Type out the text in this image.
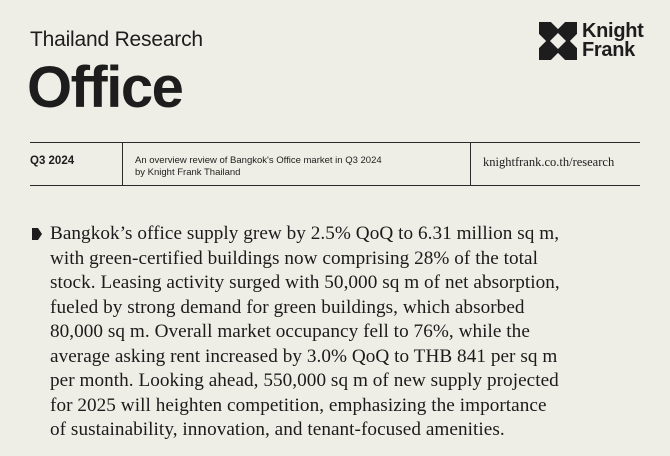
Thailand Research
Office
Knight
Frank
Q3 2024	An overview review of Bangkok's Office market in Q3 2024
by Knight Frank Thailand
knightfrank.co.th/research
Bangkok’s office supply grew by 2.5% QoQ to 6.31 million sq m,
with green-certified buildings now comprising 28% of the total
stock. Leasing activity surged with 50,000 sq m of net absorption,
fueled by strong demand for green buildings, which absorbed
80,000 sq m. Overall market occupancy fell to 76%, while the
average asking rent increased by 3.0% QoQ to THB 841 per sq m
per month. Looking ahead, 550,000 sq m of new supply projected
for 2025 will heighten competition, emphasizing the importance
of sustainability, innovation, and tenant-focused amenities.
